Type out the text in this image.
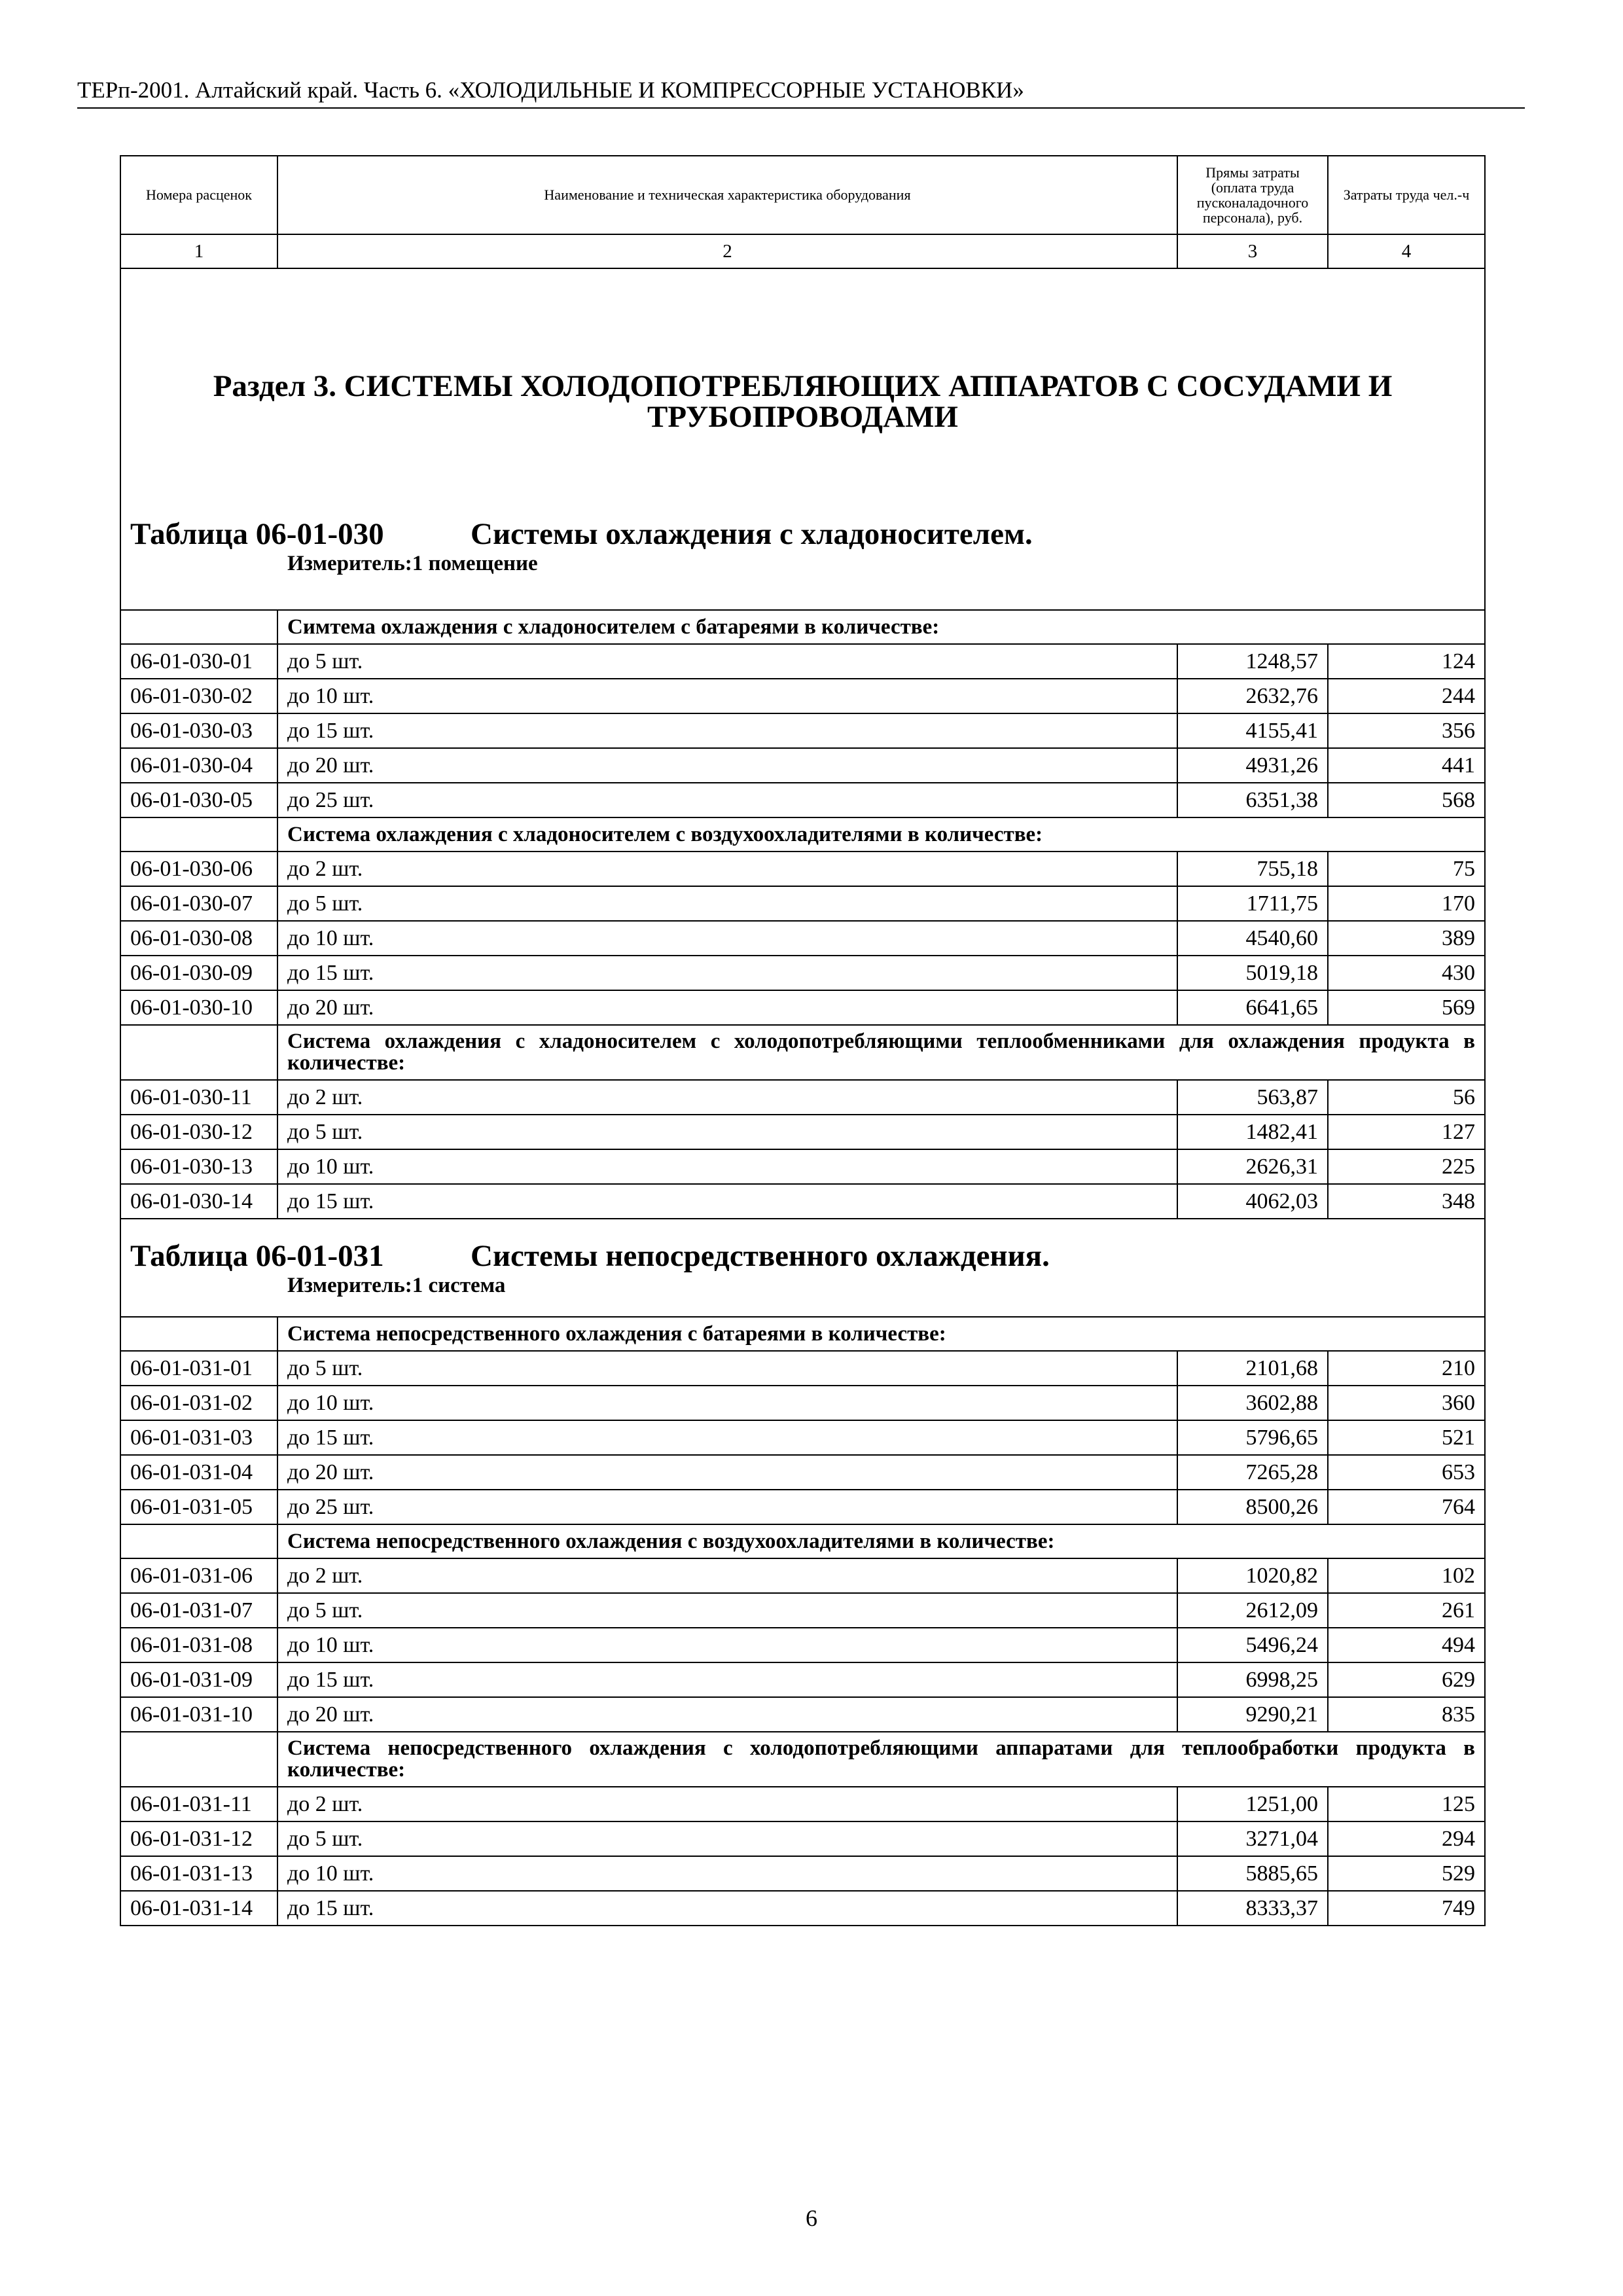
ТЕРп-2001. Алтайский край. Часть 6. «ХОЛОДИЛЬНЫЕ И КОМПРЕССОРНЫЕ УСТАНОВКИ»
Номера расценок	Наименование и техническая характеристика оборудования	Прямы затраты (оплата труда пусконаладочного персонала), руб.	Затраты труда чел.-ч
1	2	3	4

Раздел 3. СИСТЕМЫ ХОЛОДОПОТРЕБЛЯЮЩИХ АППАРАТОВ С СОСУДАМИ И ТРУБОПРОВОДАМИ
Таблица 06-01-030 Системы охлаждения с хладоносителем.
Измеритель:1 помещение			

	Симтема охлаждения с хладоносителем с батареями в количестве:		
06-01-030-01	до 5 шт.	1248,57	124
06-01-030-02	до 10 шт.	2632,76	244
06-01-030-03	до 15 шт.	4155,41	356
06-01-030-04	до 20 шт.	4931,26	441
06-01-030-05	до 25 шт.	6351,38	568
	Система охлаждения с хладоносителем с воздухоохладителями в количестве:		
06-01-030-06	до 2 шт.	755,18	75
06-01-030-07	до 5 шт.	1711,75	170
06-01-030-08	до 10 шт.	4540,60	389
06-01-030-09	до 15 шт.	5019,18	430
06-01-030-10	до 20 шт.	6641,65	569
	Система охлаждения с хладоносителем с холодопотребляющими теплообменниками для охлаждения продукта в количестве:		
06-01-030-11	до 2 шт.	563,87	56
06-01-030-12	до 5 шт.	1482,41	127
06-01-030-13	до 10 шт.	2626,31	225
06-01-030-14	до 15 шт.	4062,03	348

Таблица 06-01-031 Системы непосредственного охлаждения.
Измеритель:1 система			

	Система непосредственного охлаждения с батареями в количестве:		
06-01-031-01	до 5 шт.	2101,68	210
06-01-031-02	до 10 шт.	3602,88	360
06-01-031-03	до 15 шт.	5796,65	521
06-01-031-04	до 20 шт.	7265,28	653
06-01-031-05	до 25 шт.	8500,26	764
	Система непосредственного охлаждения с воздухоохладителями в количестве:		
06-01-031-06	до 2 шт.	1020,82	102
06-01-031-07	до 5 шт.	2612,09	261
06-01-031-08	до 10 шт.	5496,24	494
06-01-031-09	до 15 шт.	6998,25	629
06-01-031-10	до 20 шт.	9290,21	835
	Система непосредственного охлаждения с холодопотребляющими аппаратами для теплообработки продукта в количестве:		
06-01-031-11	до 2 шт.	1251,00	125
06-01-031-12	до 5 шт.	3271,04	294
06-01-031-13	до 10 шт.	5885,65	529
06-01-031-14	до 15 шт.	8333,37	749
6
